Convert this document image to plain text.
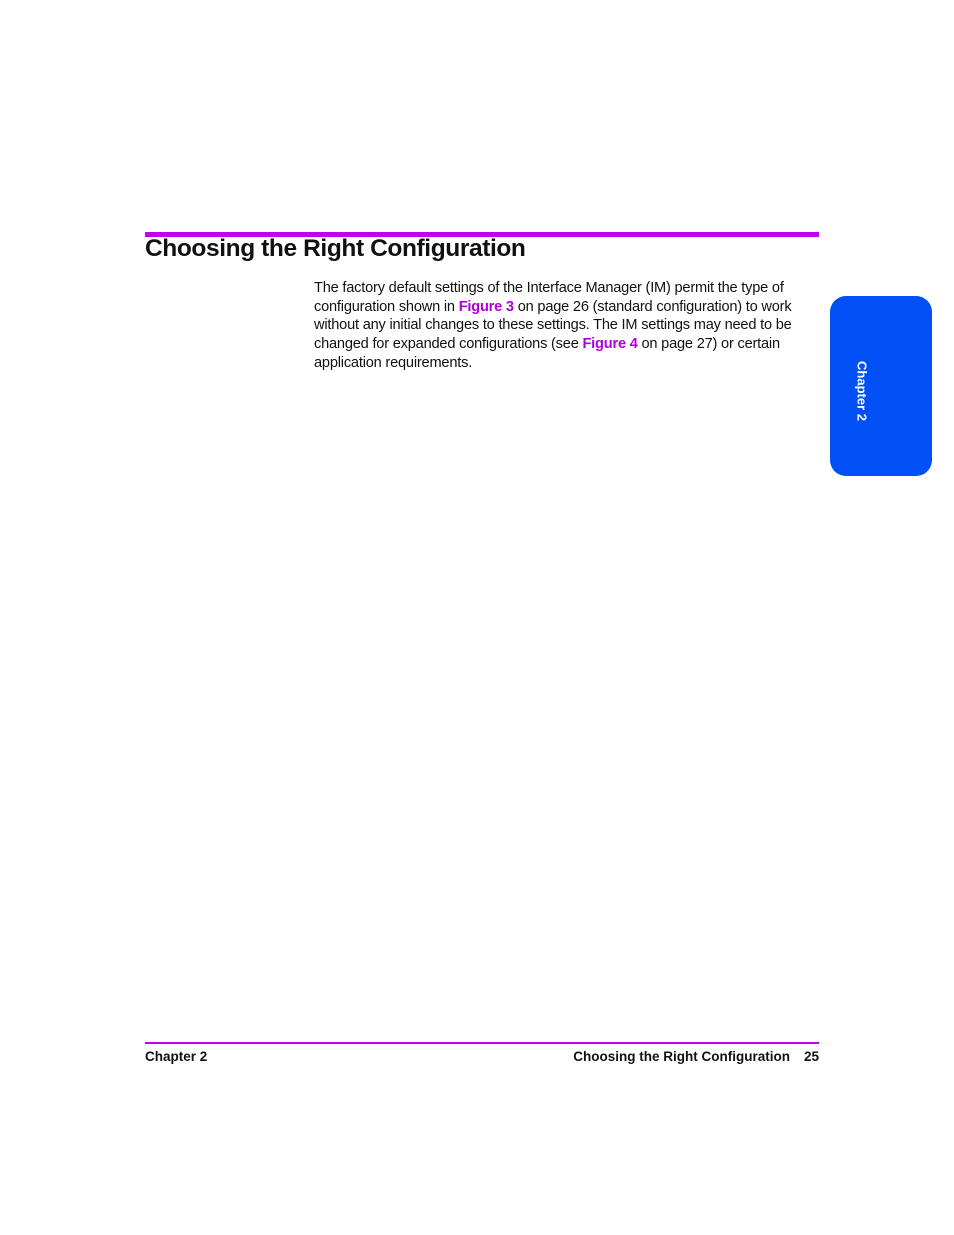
Choosing the Right Configuration

The factory default settings of the Interface Manager (IM) permit the type of
configuration shown in Figure 3 on page 26 (standard configuration) to work
without any initial changes to these settings. The IM settings may need to be
changed for expanded configurations (see Figure 4 on page 27) or certain
application requirements.	Chapter 2
Chapter 2	Choosing the Right Configuration 25
